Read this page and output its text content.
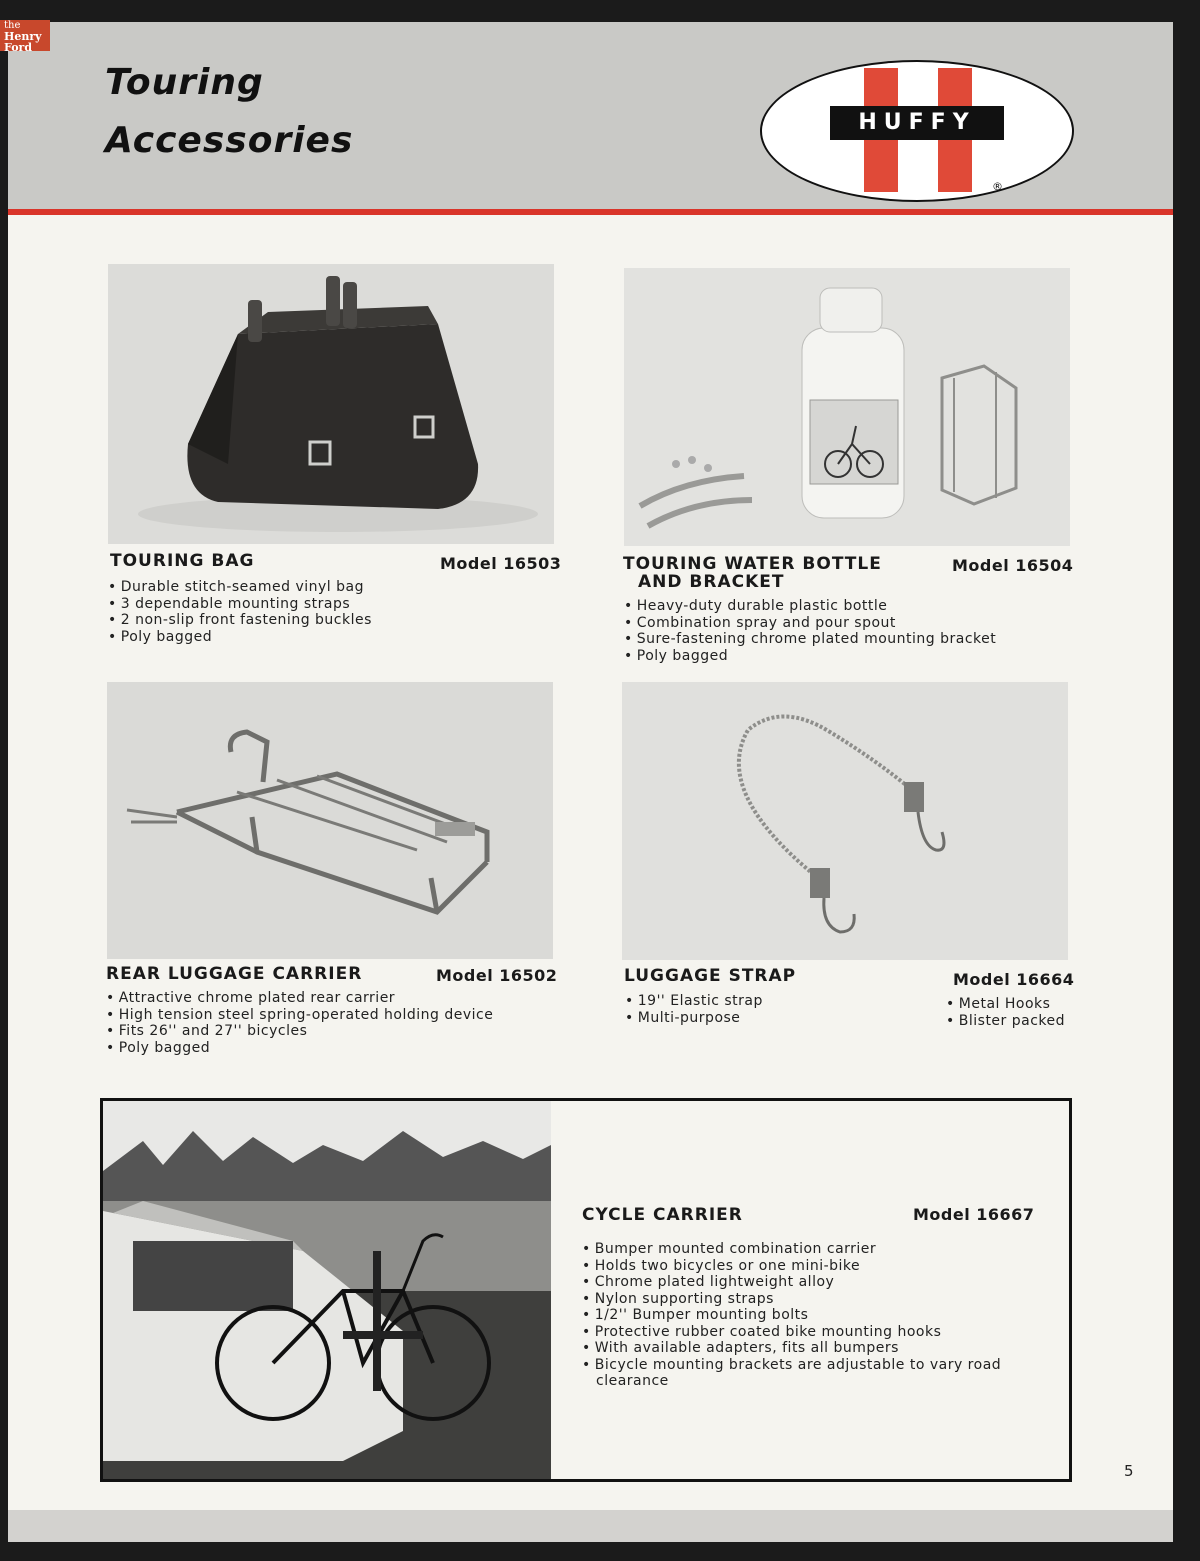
Touring
Accessories	HUFFY
®
TOURING BAG	Model 16503
• Durable stitch-seamed vinyl bag
• 3 dependable mounting straps
• 2 non-slip front fastening buckles
• Poly bagged
TOURING WATER BOTTLE
AND BRACKET
Model 16504
• Heavy-duty durable plastic bottle
• Combination spray and pour spout
• Sure-fastening chrome plated mounting bracket
• Poly bagged
REAR LUGGAGE CARRIER	Model 16502
• Attractive chrome plated rear carrier
• High tension steel spring-operated holding device
• Fits 26'' and 27'' bicycles
• Poly bagged
LUGGAGE STRAP	Model 16664
• 19'' Elastic strap
• Multi-purpose
• Metal Hooks
• Blister packed
CYCLE CARRIER	Model 16667
• Bumper mounted combination carrier
• Holds two bicycles or one mini-bike
• Chrome plated lightweight alloy
• Nylon supporting straps
• 1/2'' Bumper mounting bolts
• Protective rubber coated bike mounting hooks
• With available adapters, fits all bumpers
• Bicycle mounting brackets are adjustable to vary road
clearance
5
the
Henry
Ford
